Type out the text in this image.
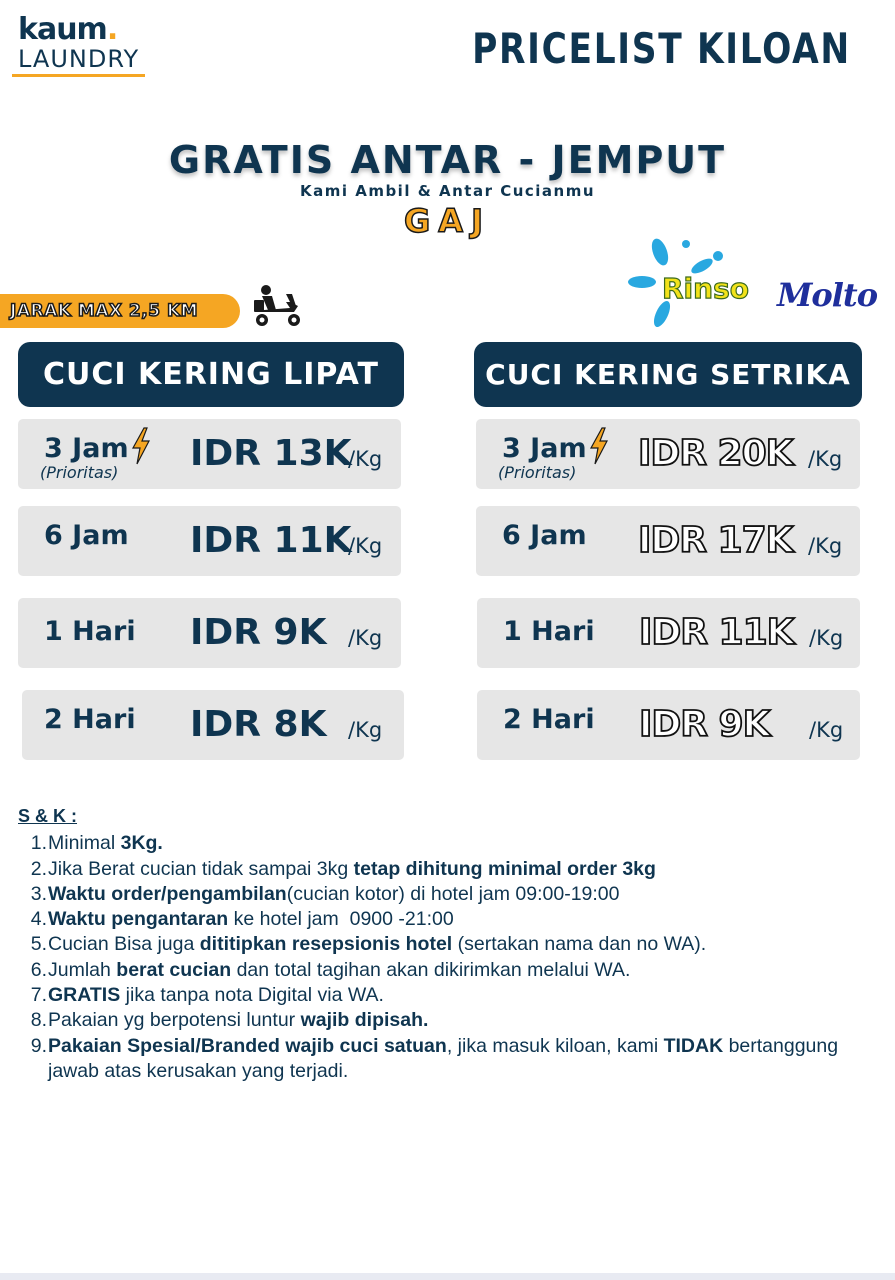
kaum.
LAUNDRY	PRICELIST KILOAN
GRATIS ANTAR - JEMPUT
Kami Ambil & Antar Cucianmu
GAJ
JARAK MAX 2,5 KM
Rinso Molto
CUCI KERING LIPAT
3 Jam
(Prioritas) IDR 13K
/Kg
6 Jam IDR 11K
/Kg
1 Hari IDR 9K /Kg
2 Hari IDR 8K /Kg
CUCI KERING SETRIKA
3 Jam
(Prioritas) IDR 20K /Kg
6 Jam IDR 17K /Kg
1 Hari IDR 11K /Kg
2 Hari IDR 9K /Kg
S & K :
1. Minimal 3Kg.
2. Jika Berat cucian tidak sampai 3kg tetap dihitung minimal order 3kg
3. Waktu order/pengambilan(cucian kotor) di hotel jam 09:00-19:00
4. Waktu pengantaran ke hotel jam  0900 -21:00
5. Cucian Bisa juga dititipkan resepsionis hotel (sertakan nama dan no WA).
6. Jumlah berat cucian dan total tagihan akan dikirimkan melalui WA.
7. GRATIS jika tanpa nota Digital via WA.
8. Pakaian yg berpotensi luntur wajib dipisah.
9. Pakaian Spesial/Branded wajib cuci satuan, jika masuk kiloan, kami TIDAK bertanggung jawab atas kerusakan yang terjadi.
